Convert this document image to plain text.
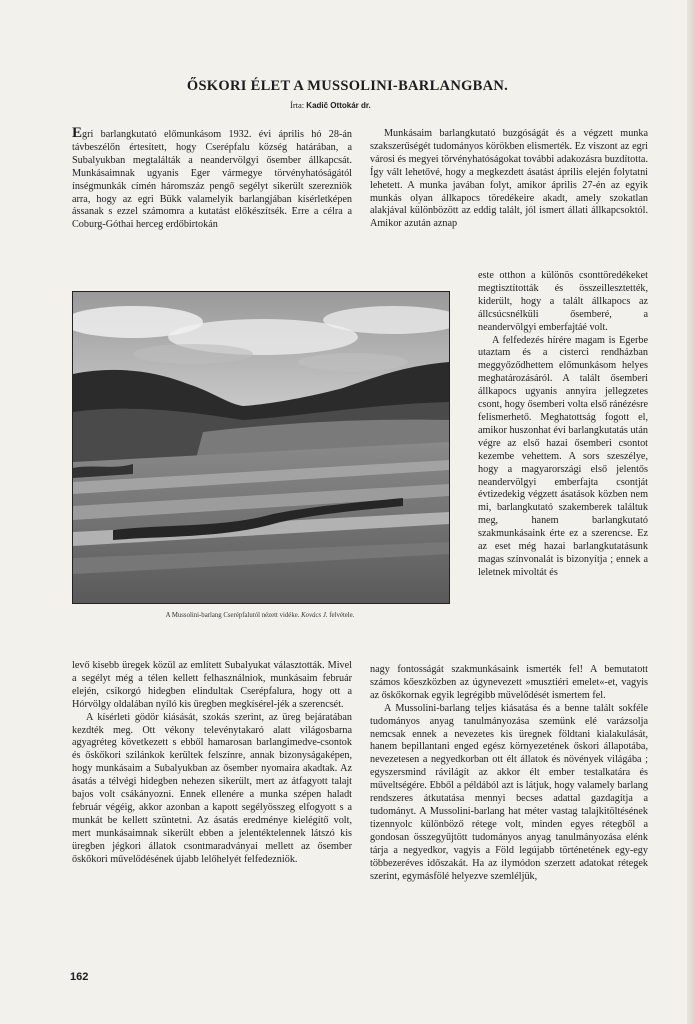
ŐSKORI ÉLET A MUSSOLINI-BARLANGBAN.
Írta: Kadič Ottokár dr.

Egri barlangkutató előmunkásom 1932. évi április hó 28-án távbeszélőn értesített, hogy Cserépfalu község határában, a Subalyukban megtalálták a neandervölgyi ősember állkapcsát. Munkásaimnak ugyanis Eger vármegye törvényhatóságától ínségmunkák címén háromszáz pengő segélyt sikerült szerezniök arra, hogy az egri Bükk valamelyik barlangjában kísérletképen ássanak s ezzel számomra a kutatást előkészítsék. Erre a célra a Coburg-Góthai herceg erdőbirtokán

Munkásaim barlangkutató buzgóságát és a végzett munka szakszerűségét tudományos körökben elismerték. Ez viszont az egri városi és megyei törvényhatóságokat további adakozásra buzdította. Így vált lehetővé, hogy a megkezdett ásatást április elején folytatni lehetett. A munka javában folyt, amikor április 27-én az egyik munkás olyan állkapocs töredékeire akadt, amely szokatlan alakjával különbözött az eddig talált, jól ismert állati állkapcsoktól. Amikor azután aznap

este otthon a különös csonttöredékeket megtisztították és összeillesztették, kiderült, hogy a talált állkapocs az állcsúcsnélküli ősemberé, a neandervölgyi emberfajtáé volt.

A felfedezés hírére magam is Egerbe utaztam és a cisterci rendházban meggyőződhettem előmunkásom helyes meghatározásáról. A talált ősemberi állkapocs ugyanis annyira jellegzetes csont, hogy ősemberi volta első ránézésre felismerhető. Meghatottság fogott el, amikor huszonhat évi barlangkutatás után végre az első hazai ősemberi csontot kezembe vehettem. A sors szeszélye, hogy a magyarországi első jelentős neandervölgyi emberfajta csontját évtizedekig végzett ásatások közben nem mi, barlangkutató szakemberek találtuk meg, hanem barlangkutató szakmunkásaink érte ez a szerencse. Ez az eset még hazai barlangkutatásunk magas színvonalát is bizonyítja ; ennek a leletnek mivoltát és

A Mussolini-barlang Cserépfalutól nézett vidéke. Kovács J. felvétele.

levő kisebb üregek közül az említett Subalyukat választották. Mivel a segélyt még a télen kellett felhasználniok, munkásaim február elején, csikorgó hidegben elindultak Cserépfalura, hogy ott a Hórvölgy oldalában nyíló kis üregben megkísérel-jék a szerencsét.

A kísérleti gödör kiásását, szokás szerint, az üreg bejáratában kezdték meg. Ott vékony televénytakaró alatt világosbarna agyagréteg következett s ebből hamarosan barlangimedve-csontok és őskőkori szilánkok kerültek felszínre, annak bizonyságaképen, hogy munkásaim a Subalyukban az ősember nyomaira akadtak. Az ásatás a télvégi hidegben nehezen sikerült, mert az átfagyott talajt bajos volt csákányozni. Ennek ellenére a munka szépen haladt február végéig, akkor azonban a kapott segélyösszeg elfogyott s a munkát be kellett szüntetni. Az ásatás eredménye kielégítő volt, mert munkásaimnak sikerült ebben a jelentéktelennek látszó kis üregben jégkori állatok csontmaradványai mellett az ősember őskőkori művelődésének újabb lelőhelyét felfedezniök.

nagy fontosságát szakmunkásaink ismerték fel! A bemutatott számos kőeszközben az úgynevezett »musztiéri emelet«-et, vagyis az őskőkornak egyik legrégibb művelődését ismertem fel.

A Mussolini-barlang teljes kiásatása és a benne talált sokféle tudományos anyag tanulmányozása szemünk elé varázsolja nemcsak ennek a nevezetes kis üregnek földtani kialakulását, hanem bepillantani enged egész környezetének őskori állapotába, nevezetesen a negyedkorban ott élt állatok és növények világába ; egyszersmind rávilágít az akkor élt ember testalkatára és műveltségére. Ebből a példából azt is látjuk, hogy valamely barlang rendszeres átkutatása mennyi becses adattal gazdagítja a tudományt. A Mussolini-barlang hat méter vastag talajkitöltésének tizennyolc különböző rétege volt, minden egyes rétegből a gondosan összegyűjtött tudományos anyag tanulmányozása elénk tárja a negyedkor, vagyis a Föld legújabb történetének egy-egy többezeréves időszakát. Ha az ilymódon szerzett adatokat rétegek szerint, egymásfölé helyezve szemléljük,

162
